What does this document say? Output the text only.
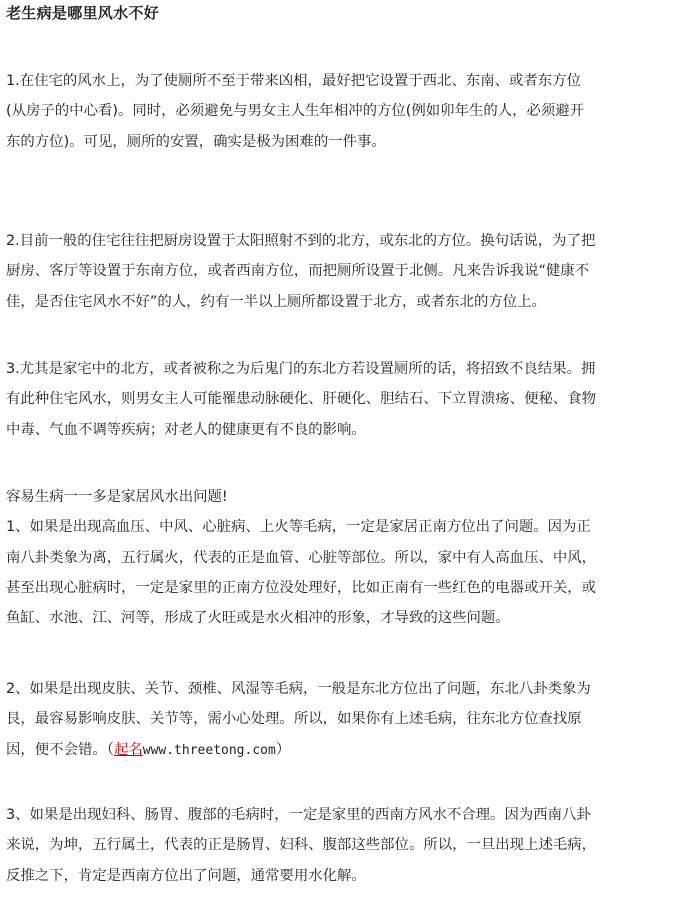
老生病是哪里风水不好
1.在住宅的风水上，为了使厕所不至于带来凶相，最好把它设置于西北、东南、或者东方位
(从房子的中心看)。同时，必须避免与男女主人生年相冲的方位(例如卯年生的人，必须避开
东的方位)。可见，厕所的安置，确实是极为困难的一件事。
2.目前一般的住宅往往把厨房设置于太阳照射不到的北方，或东北的方位。换句话说，为了把
厨房、客厅等设置于东南方位，或者西南方位，而把厕所设置于北侧。凡来告诉我说“健康不
佳，是否住宅风水不好”的人，约有一半以上厕所都设置于北方，或者东北的方位上。
3.尤其是家宅中的北方，或者被称之为后鬼门的东北方若设置厕所的话，将招致不良结果。拥
有此种住宅风水，则男女主人可能罹患动脉硬化、肝硬化、胆结石、下立胃溃疡、便秘、食物
中毒、气血不调等疾病；对老人的健康更有不良的影响。
容易生病一一多是家居风水出问题!
1、如果是出现高血压、中风、心脏病、上火等毛病，一定是家居正南方位出了问题。因为正
南八卦类象为离，五行属火，代表的正是血管、心脏等部位。所以，家中有人高血压、中风，
甚至出现心脏病时，一定是家里的正南方位没处理好，比如正南有一些红色的电器或开关，或
鱼缸、水池、江、河等，形成了火旺或是水火相冲的形象，才导致的这些问题。
2、如果是出现皮肤、关节、颈椎、风湿等毛病，一般是东北方位出了问题，东北八卦类象为
艮，最容易影响皮肤、关节等，需小心处理。所以，如果你有上述毛病，往东北方位查找原
因，便不会错。（起名www.threetong.com）
3、如果是出现妇科、肠胃、腹部的毛病时，一定是家里的西南方风水不合理。因为西南八卦
来说，为坤，五行属土，代表的正是肠胃、妇科、腹部这些部位。所以，一旦出现上述毛病，
反推之下，肯定是西南方位出了问题，通常要用水化解。
